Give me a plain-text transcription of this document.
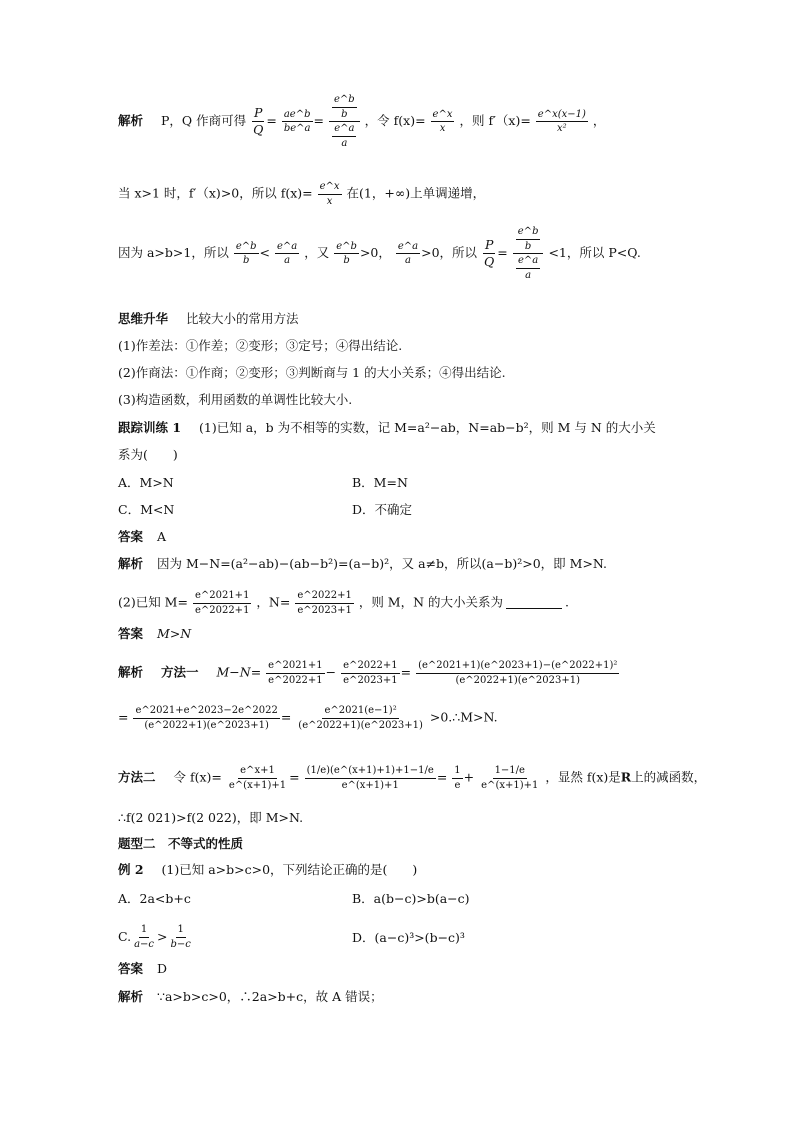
解析 P，Q 作商可得 $\frac{P}{Q} = \frac{ae\^{}b}{be\^{}a} = \frac{\frac{e\^{}b}{b}}{\frac{e\^{}a}{a}}$ ，令 $f(x)= \frac{e\^{}x}{x}$ ，则 $f'(x)= \frac{e\^{}x(x-1)}{\text{x²}}$ ，
当 x>1 时，f′（x)>0，所以 $f(x)= \frac{e\^{}x}{x}$ 在(1，+∞)上单调递增，
因为 a>b>1，所以 $\frac{e\^{}b}{b} < \frac{e\^{}a}{a}$ ，又 $\frac{e\^{}b}{b} >0$， $\frac{e\^{}a}{a} >0$，所以 $\frac{P}{Q} = \frac{\frac{e\^{}b}{b}}{\frac{e\^{}a}{a}} <1$，所以 P<Q.
思维升华 比较大小的常用方法
(1)作差法：①作差；②变形；③定号；④得出结论.
(2)作商法：①作商；②变形；③判断商与 1 的大小关系；④得出结论.
(3)构造函数，利用函数的单调性比较大小.
跟踪训练 1 (1)已知 a，b 为不相等的实数，记 M=a²−ab，N=ab−b²，则 M 与 N 的大小关
系为(　　)
A．M>N	B．M=N
C．M<N	D．不确定
答案 A
解析 因为 M−N=(a²−ab)−(ab−b²)=(a−b)²，又 a≠b，所以(a−b)²>0，即 M>N.
(2)已知 $M= \frac{e\^{}2021+1}{e\^{}2022+1}$ ，$N= \frac{e\^{}2022+1}{e\^{}2023+1}$ ，则 M，N 的大小关系为	.
答案 M>N
解析 方法一 $M-N= \frac{e\^{}2021+1}{e\^{}2022+1} - \frac{e\^{}2022+1}{e\^{}2023+1} = \frac{\text{(e\textasciicircum{}2021+1)(e\textasciicircum{}2023+1)−(e\textasciicircum{}2022+1)²}}{(e\^{}2022+1)(e\^{}2023+1)}$
= $\frac{e\^{}2021+e\^{}2023-2e\^{}2022}{(e\^{}2022+1)(e\^{}2023+1)} = \frac{\text{e\textasciicircum{}2021(e−1)²}}{(e\^{}2022+1)(e\^{}2023+1)}$ >0.∴M>N.
方法二 令 $f(x)= \frac{e\^{}x+1}{e\^{}(x+1)+1} = \frac{(1/e)(e\^{}(x+1)+1)+1-1/e}{e\^{}(x+1)+1} = \frac{1}{e} + \frac{1-1/e}{e\^{}(x+1)+1}$ ，显然 f(x)是R上的减函数，
∴f(2 021)>f(2 022)，即 M>N.
题型二　不等式的性质
例 2 (1)已知 a>b>c>0，下列结论正确的是(　　)
A．2a<b+c	B．a(b−c)>b(a−c)
C. $\frac{1}{a-c} > \frac{1}{b-c}$	D．(a−c)³>(b−c)³
答案 D
解析 ∵a>b>c>0，∴2a>b+c，故 A 错误；
